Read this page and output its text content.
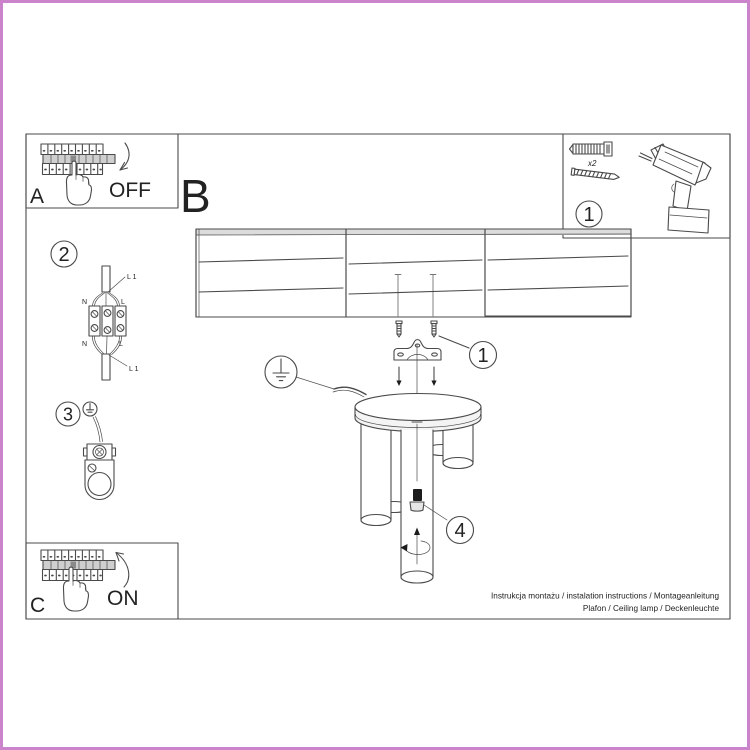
A	OFF B
x2
1
1
4
2
L 1
N	L
N	L
L 1
3
C	ON	Instrukcja montażu / instalation instructions / Montageanleitung
Plafon / Ceiling lamp / Deckenleuchte
